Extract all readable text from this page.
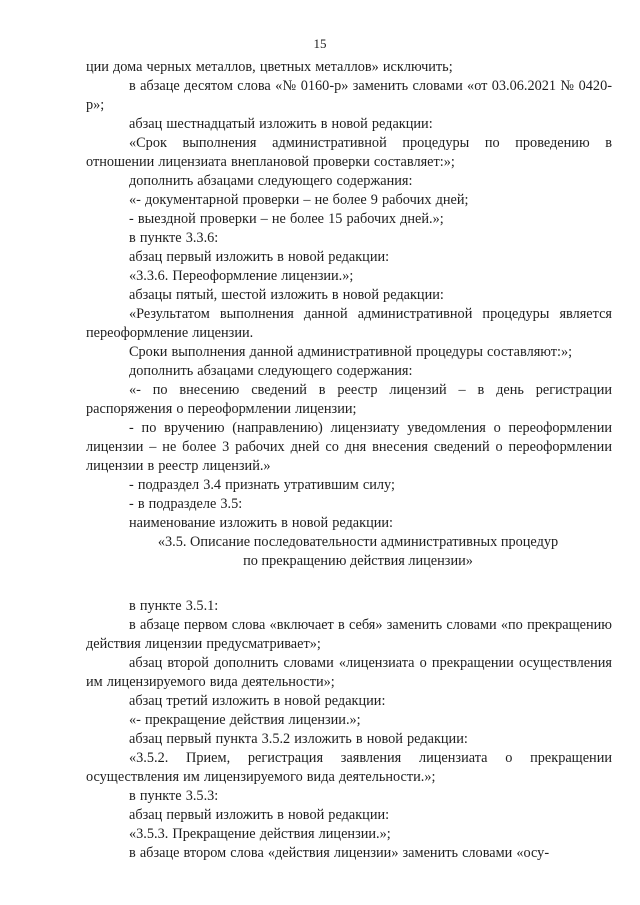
15

ции дома черных металлов, цветных металлов» исключить;

в абзаце десятом слова «№ 0160-р» заменить словами «от 03.06.2021 № 0420-р»;

абзац шестнадцатый изложить в новой редакции:

«Срок выполнения административной процедуры по проведению в отношении лицензиата внеплановой проверки составляет:»;

дополнить абзацами следующего содержания:

«- документарной проверки – не более 9 рабочих дней;

- выездной проверки – не более 15 рабочих дней.»;

в пункте 3.3.6:

абзац первый изложить в новой редакции:

«3.3.6. Переоформление лицензии.»;

абзацы пятый, шестой изложить в новой редакции:

«Результатом выполнения данной административной процедуры является переоформление лицензии.

Сроки выполнения данной административной процедуры составляют:»;

дополнить абзацами следующего содержания:

«- по внесению сведений в реестр лицензий – в день регистрации распоряжения о переоформлении лицензии;

- по вручению (направлению) лицензиату уведомления о переоформлении лицензии – не более 3 рабочих дней со дня внесения сведений о переоформлении лицензии в реестр лицензий.»

- подраздел 3.4 признать утратившим силу;

- в подразделе 3.5:

наименование изложить в новой редакции:

«3.5. Описание последовательности административных процедур

по прекращению действия лицензии»

в пункте 3.5.1:

в абзаце первом слова «включает в себя» заменить словами «по прекращению действия лицензии предусматривает»;

абзац второй дополнить словами «лицензиата о прекращении осуществления им лицензируемого вида деятельности»;

абзац третий изложить в новой редакции:

«- прекращение действия лицензии.»;

абзац первый пункта 3.5.2 изложить в новой редакции:

«3.5.2. Прием, регистрация заявления лицензиата о прекращении осуществления им лицензируемого вида деятельности.»;

в пункте 3.5.3:

абзац первый изложить в новой редакции:

«3.5.3. Прекращение действия лицензии.»;

в абзаце втором слова «действия лицензии» заменить словами «осу-
